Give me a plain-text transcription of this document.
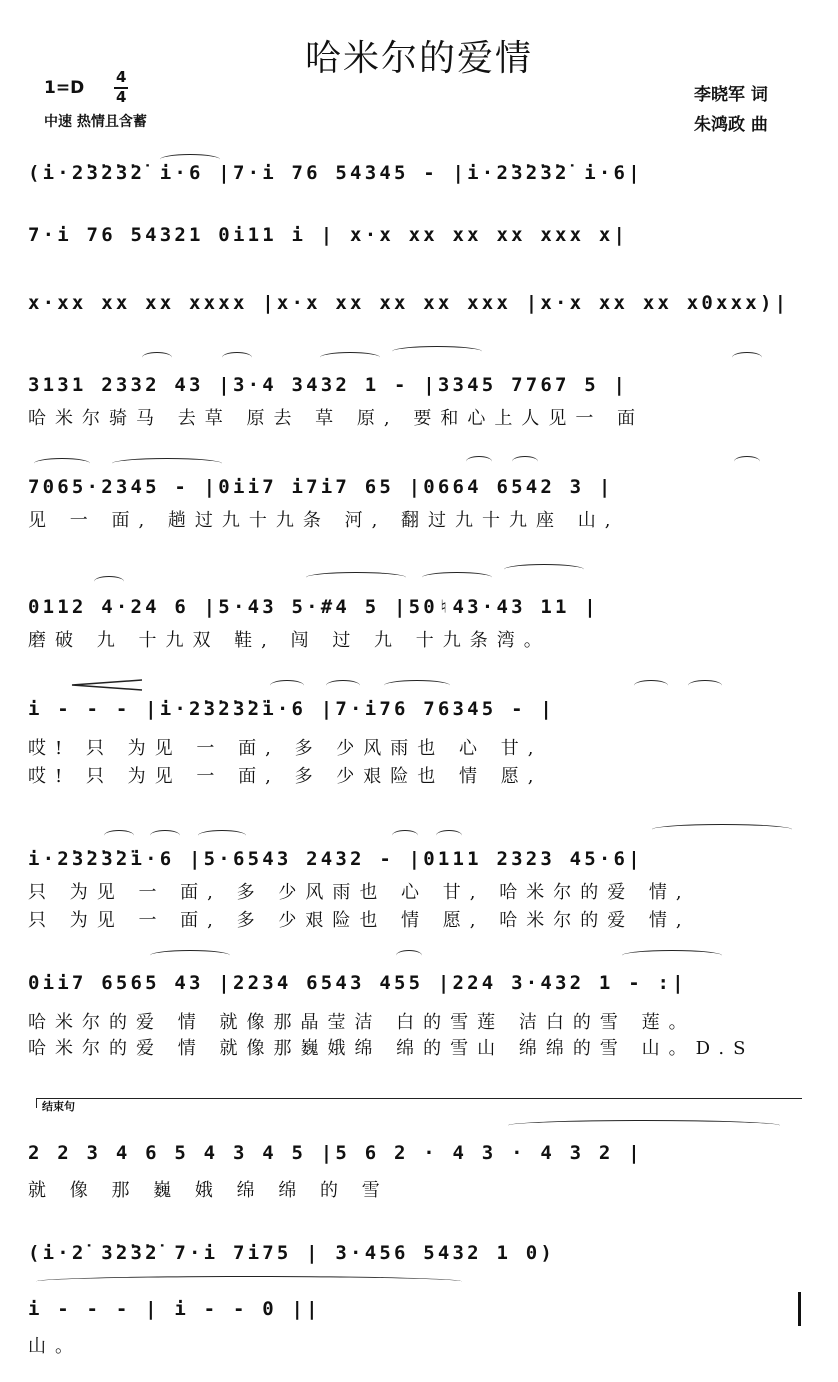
哈米尔的爱情
1=D
4
4
中速 热情且含蓄
李晓军 词
朱鸿政 曲
(i·2̇3̇2̇3̇2̇ i·6 |7·i 76 54345 - |i·2̇3̇2̇3̇2̇ i·6|
7·i 76 54321 0i11 i | x·x xx xx xx xxx x|
x·xx xx xx xxxx |x·x xx xx xx xxx |x·x xx xx x0xxx)|
3131 2332 43 |3·4 3432 1 - |3345 7767 5 |
哈米尔骑马 去草 原去 草 原, 要和心上人见一 面
7065·2345 - |0ii7 i7i7 65 |0664 6542 3 |
见 一 面, 趟过九十九条 河, 翻过九十九座 山,
0112 4·24 6 |5·43 5·#4 5 |50♮43·43 11 |
磨破 九 十九双 鞋, 闯 过 九 十九条湾。
i - - - |i·2̇3̇2̇3̇2̇i·6 |7·i76 76345 - |
哎! 只 为见 一 面, 多 少风雨也 心 甘,
哎! 只 为见 一 面, 多 少艰险也 情 愿,
i·2̇3̇2̇3̇2̇i·6 |5·6543 2432 - |0111 2323 45·6|
只 为见 一 面, 多 少风雨也 心 甘, 哈米尔的爱 情,
只 为见 一 面, 多 少艰险也 情 愿, 哈米尔的爱 情,
0ii7 6565 43 |2234 6543 455 |224 3·432 1 - :|
哈米尔的爱 情 就像那晶莹洁 白的雪莲 洁白的雪 莲。
哈米尔的爱 情 就像那巍娥绵 绵的雪山 绵绵的雪 山。D.S
结束句
2 2 3 4 6 5 4 3 4 5 |5 6 2 · 4 3 · 4 3 2 |
就 像 那 巍 娥 绵 绵 的 雪
(i·2̇ 3̇2̇3̇2̇ 7·i 7i75 | 3·456 5432 1 0)
i - - - | i - - 0 ||
山。
